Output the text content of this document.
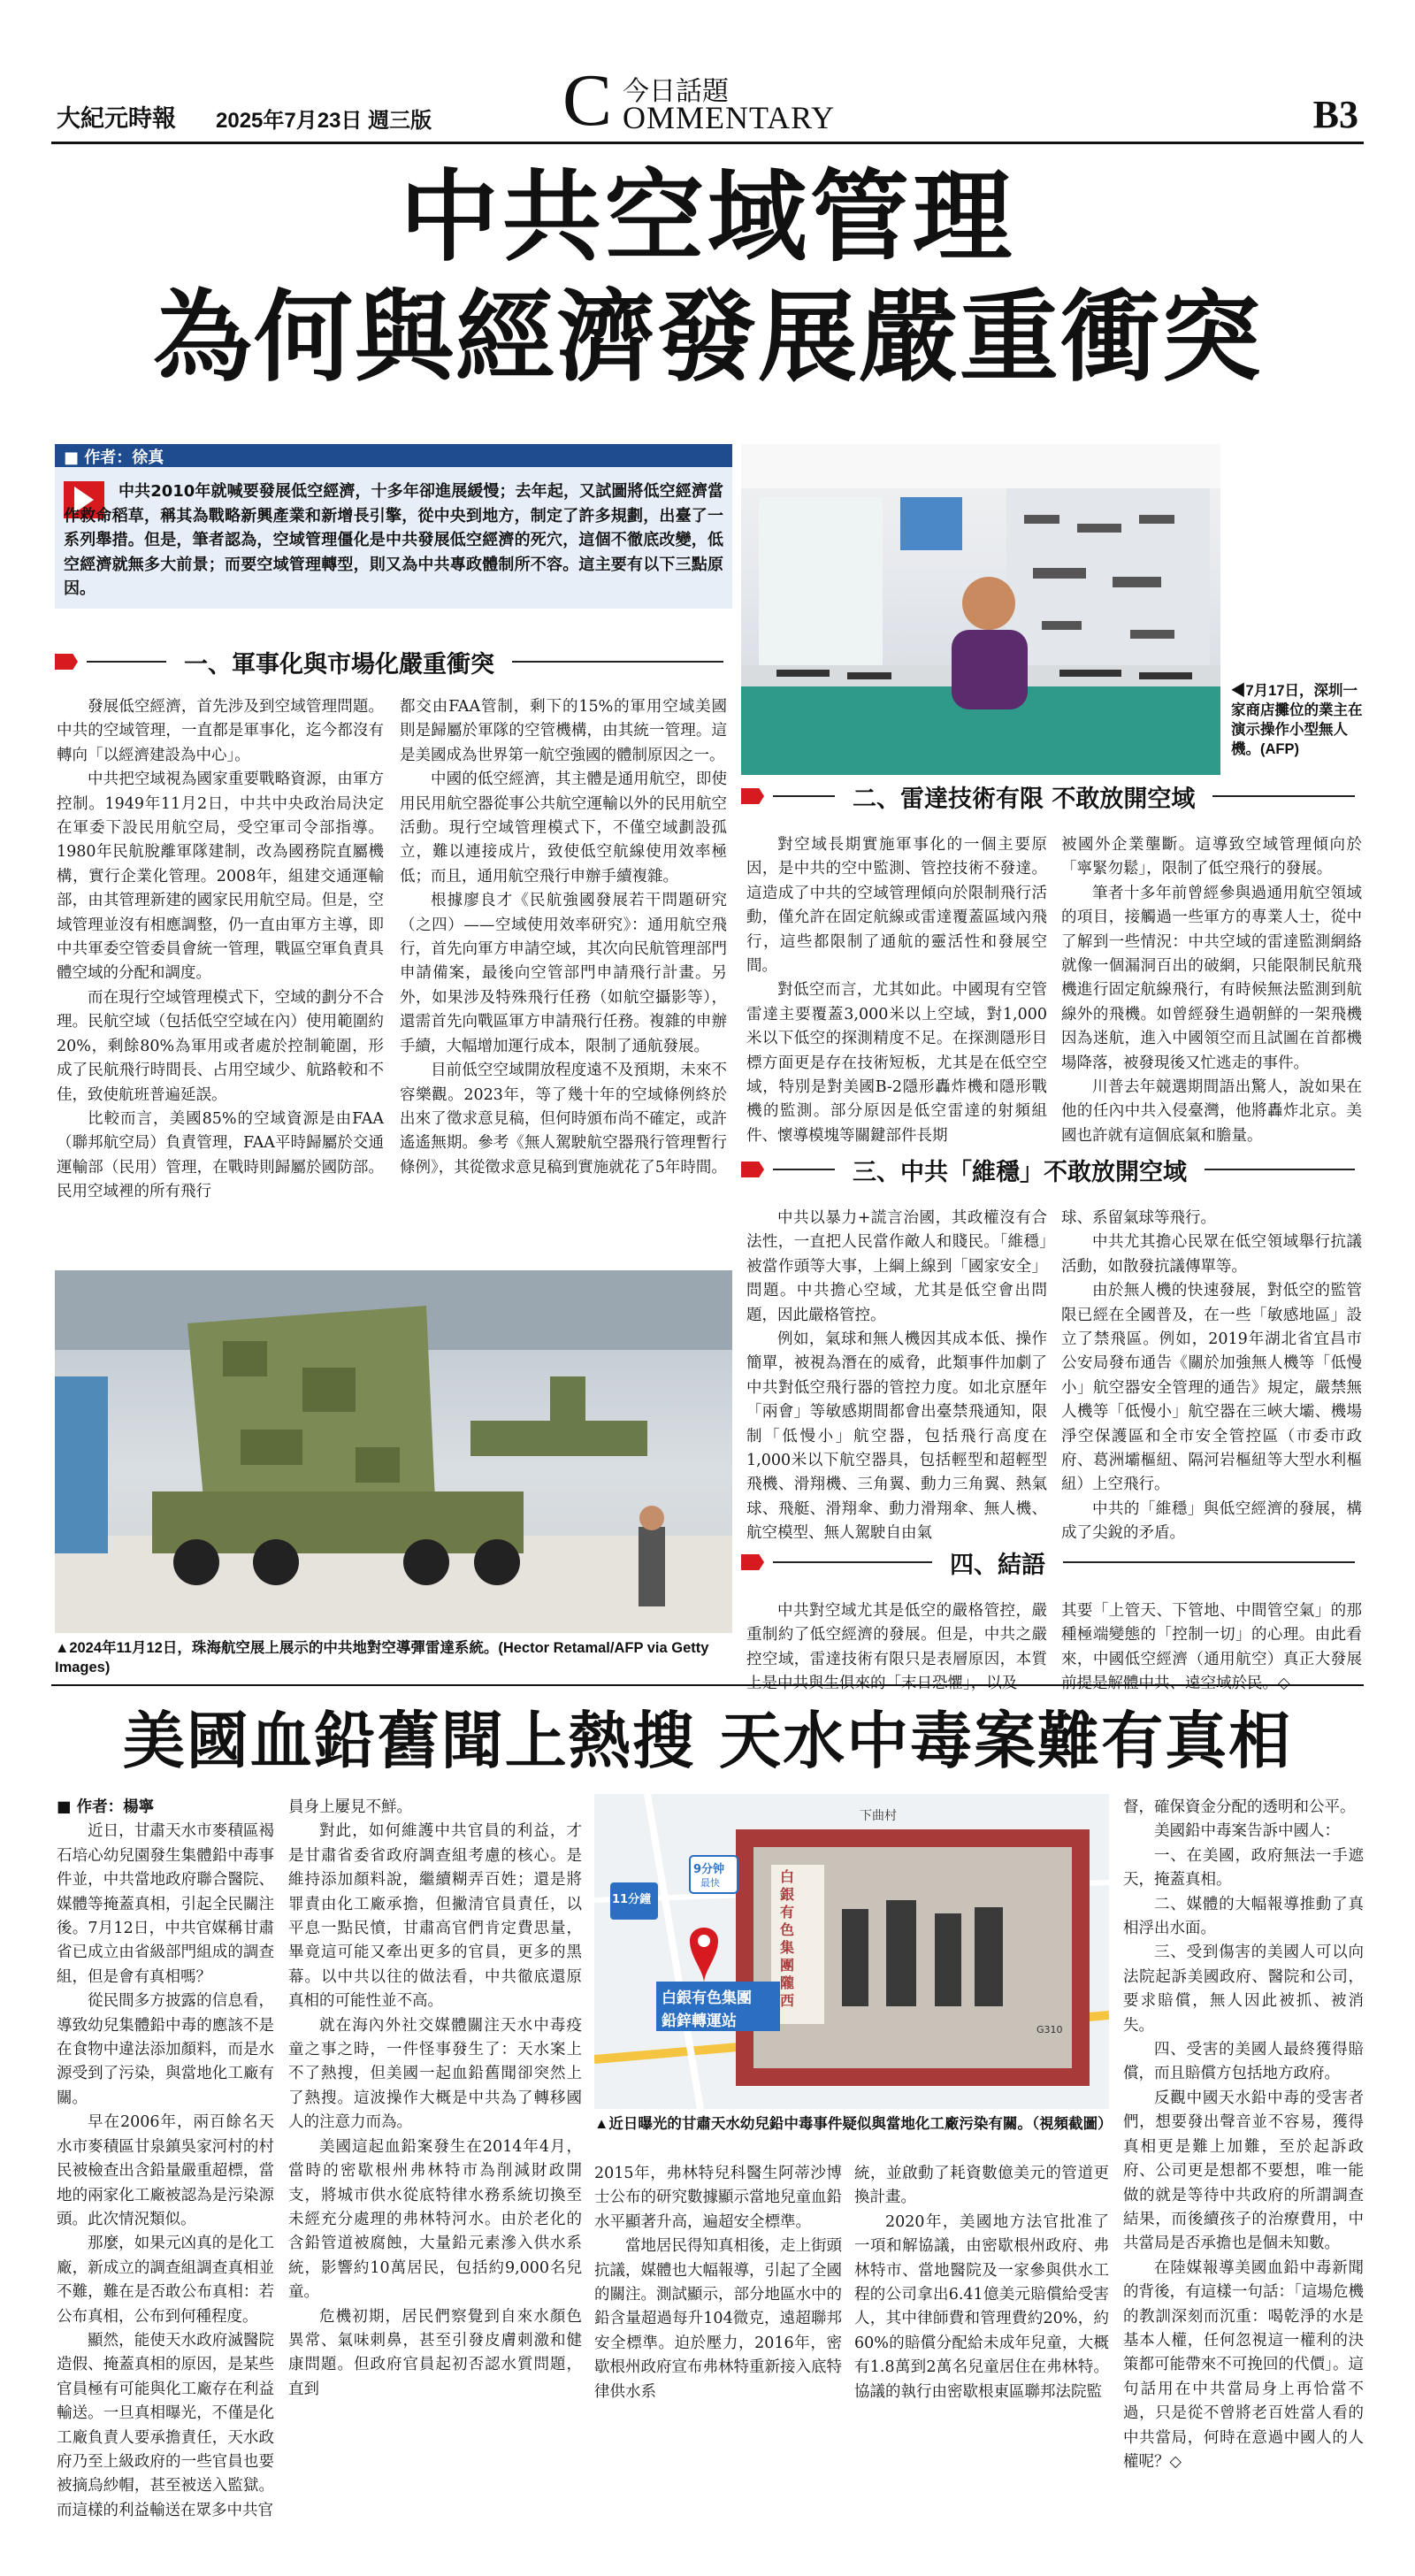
大紀元時報 2025年7月23日 週三版 C 今日話題
OMMENTARY	B3
中共空域管理
為何與經濟發展嚴重衝突
■ 作者：徐真
中共2010年就喊要發展低空經濟，十多年卻進展緩慢；去年起，又試圖將低空經濟當作救命稻草，稱其為戰略新興產業和新增長引擎，從中央到地方，制定了許多規劃，出臺了一系列舉措。但是，筆者認為，空域管理僵化是中共發展低空經濟的死穴，這個不徹底改變，低空經濟就無多大前景；而要空域管理轉型，則又為中共專政體制所不容。這主要有以下三點原因。
◀7月17日，深圳一家商店攤位的業主在演示操作小型無人機。(AFP)
一、軍事化與市場化嚴重衝突

發展低空經濟，首先涉及到空域管理問題。中共的空域管理，一直都是軍事化，迄今都沒有轉向「以經濟建設為中心」。

中共把空域視為國家重要戰略資源，由軍方控制。1949年11月2日，中共中央政治局決定在軍委下設民用航空局，受空軍司令部指導。1980年民航脫離軍隊建制，改為國務院直屬機構，實行企業化管理。2008年，組建交通運輸部，由其管理新建的國家民用航空局。但是，空域管理並沒有相應調整，仍一直由軍方主導，即中共軍委空管委員會統一管理，戰區空軍負責具體空域的分配和調度。

而在現行空域管理模式下，空域的劃分不合理。民航空域（包括低空空域在內）使用範圍約20%，剩餘80%為軍用或者處於控制範圍，形成了民航飛行時間長、占用空域少、航路較和不佳，致使航班普遍延誤。

比較而言，美國85%的空域資源是由FAA（聯邦航空局）負責管理，FAA平時歸屬於交通運輸部（民用）管理，在戰時則歸屬於國防部。民用空域裡的所有飛行

都交由FAA管制，剩下的15%的軍用空域美國則是歸屬於軍隊的空管機構，由其統一管理。這是美國成為世界第一航空強國的體制原因之一。

中國的低空經濟，其主體是通用航空，即使用民用航空器從事公共航空運輸以外的民用航空活動。現行空域管理模式下，不僅空域劃設孤立，難以連接成片，致使低空航線使用效率極低；而且，通用航空飛行申辦手續複雜。

根據廖良才《民航強國發展若干問題研究（之四）——空域使用效率研究》：通用航空飛行，首先向軍方申請空域，其次向民航管理部門申請備案，最後向空管部門申請飛行計畫。另外，如果涉及特殊飛行任務（如航空攝影等），還需首先向戰區軍方申請飛行任務。複雜的申辦手續，大幅增加運行成本，限制了通航發展。

目前低空空域開放程度遠不及預期，未來不容樂觀。2023年，等了幾十年的空域條例終於出來了徵求意見稿，但何時頒布尚不確定，或許遙遙無期。參考《無人駕駛航空器飛行管理暫行條例》，其從徵求意見稿到實施就花了5年時間。

▲2024年11月12日，珠海航空展上展示的中共地對空導彈雷達系統。(Hector Retamal/AFP via Getty Images)
二、雷達技術有限 不敢放開空域

對空域長期實施軍事化的一個主要原因，是中共的空中監測、管控技術不發達。這造成了中共的空域管理傾向於限制飛行活動，僅允許在固定航線或雷達覆蓋區域內飛行，這些都限制了通航的靈活性和發展空間。

對低空而言，尤其如此。中國現有空管雷達主要覆蓋3,000米以上空域，對1,000米以下低空的探測精度不足。在探測隱形目標方面更是存在技術短板，尤其是在低空空域，特別是對美國B-2隱形轟炸機和隱形戰機的監測。部分原因是低空雷達的射頻組件、懷導模塊等關鍵部件長期

被國外企業壟斷。這導致空域管理傾向於「寧緊勿鬆」，限制了低空飛行的發展。

筆者十多年前曾經參與過通用航空領域的項目，接觸過一些軍方的專業人士，從中了解到一些情況：中共空域的雷達監測網絡就像一個漏洞百出的破網，只能限制民航飛機進行固定航線飛行，有時候無法監測到航線外的飛機。如曾經發生過朝鮮的一架飛機因為迷航，進入中國領空而且試圖在首都機場降落，被發現後又忙逃走的事件。

川普去年競選期間語出驚人，說如果在他的任內中共入侵臺灣，他將轟炸北京。美國也許就有這個底氣和膽量。

三、中共「維穩」不敢放開空域

中共以暴力+謊言治國，其政權沒有合法性，一直把人民當作敵人和賤民。「維穩」被當作頭等大事，上綱上線到「國家安全」問題。中共擔心空域，尤其是低空會出問題，因此嚴格管控。

例如，氣球和無人機因其成本低、操作簡單，被視為潛在的威脅，此類事件加劇了中共對低空飛行器的管控力度。如北京歷年「兩會」等敏感期間都會出臺禁飛通知，限制「低慢小」航空器，包括飛行高度在1,000米以下航空器具，包括輕型和超輕型飛機、滑翔機、三角翼、動力三角翼、熱氣球、飛艇、滑翔傘、動力滑翔傘、無人機、航空模型、無人駕駛自由氣

球、系留氣球等飛行。

中共尤其擔心民眾在低空領域舉行抗議活動，如散發抗議傳單等。

由於無人機的快速發展，對低空的監管限已經在全國普及，在一些「敏感地區」設立了禁飛區。例如，2019年湖北省宜昌市公安局發布通告《關於加強無人機等「低慢小」航空器安全管理的通告》規定，嚴禁無人機等「低慢小」航空器在三峽大壩、機場淨空保護區和全市安全管控區（市委市政府、葛洲壩樞紐、隔河岩樞紐等大型水利樞紐）上空飛行。

中共的「維穩」與低空經濟的發展，構成了尖銳的矛盾。

四、結語

中共對空域尤其是低空的嚴格管控，嚴重制約了低空經濟的發展。但是，中共之嚴控空域，雷達技術有限只是表層原因，本質

其要「上管天、下管地、中間管空氣」的那種極端變態的「控制一切」的心理。由此看來，中國低空經濟（通用航空）真正大發展

美國血鉛舊聞上熱搜 天水中毒案難有真相
■ 作者：楊寧

近日，甘肅天水市麥積區褐石培心幼兒園發生集體鉛中毒事件並，中共當地政府聯合醫院、媒體等掩蓋真相，引起全民關注後。7月12日，中共官媒稱甘肅省已成立由省級部門組成的調查組，但是會有真相嗎？

從民間多方披露的信息看，導致幼兒集體鉛中毒的應該不是在食物中違法添加顏料，而是水源受到了污染，與當地化工廠有關。

早在2006年，兩百餘名天水市麥積區甘泉鎮吳家河村的村民被檢查出含鉛量嚴重超標，當地的兩家化工廠被認為是污染源頭。此次情況類似。

那麼，如果元凶真的是化工廠，新成立的調查組調查真相並不難，難在是否敢公布真相：若公布真相，公布到何種程度。

顯然，能使天水政府滅醫院造假、掩蓋真相的原因，是某些官員極有可能與化工廠存在利益輸送。一旦真相曝光，不僅是化工廠負責人要承擔責任，天水政府乃至上級政府的一些官員也要被摘烏紗帽，甚至被送入監獄。而這樣的利益輸送在眾多中共官

員身上屢見不鮮。

對此，如何維護中共官員的利益，才是甘肅省委省政府調查組考慮的核心。是維持添加顏料說，繼續糊弄百姓；還是將罪責由化工廠承擔，但撇清官員責任，以平息一點民憤，甘肅高官們肯定費思量，畢竟這可能又牽出更多的官員，更多的黑幕。以中共以往的做法看，中共徹底還原真相的可能性並不高。

就在海內外社交媒體關注天水中毒疫童之事之時，一件怪事發生了：天水案上不了熱搜，但美國一起血鉛舊聞卻突然上了熱搜。這波操作大概是中共為了轉移國人的注意力而為。

美國這起血鉛案發生在2014年4月，當時的密歇根州弗林特市為削減財政開支，將城市供水從底特律水務系統切換至未經充分處理的弗林特河水。由於老化的含鉛管道被腐蝕，大量鉛元素滲入供水系統，影響約10萬居民，包括約9,000名兒童。

危機初期，居民們察覺到自來水顏色異常、氣味刺鼻，甚至引發皮膚刺激和健康問題。但政府官員起初否認水質問題，直到

11分鐘
9分钟
最快
下曲村
白銀有色集團
鉛鋅轉運站	G310
白銀有色集團隴西
▲近日曝光的甘肅天水幼兒鉛中毒事件疑似與當地化工廠污染有關。（視頻截圖）

2015年，弗林特兒科醫生阿蒂沙博士公布的研究數據顯示當地兒童血鉛水平顯著升高，遍超安全標準。

當地居民得知真相後，走上街頭抗議，媒體也大幅報導，引起了全國的關注。測試顯示，部分地區水中的鉛含量超過每升104微克，遠超聯邦安全標準。迫於壓力，2016年，密歇根州政府宣布弗林特重新接入底特律供水系

統，並啟動了耗資數億美元的管道更換計畫。

2020年，美國地方法官批准了一項和解協議，由密歇根州政府、弗林特市、當地醫院及一家參與供水工程的公司拿出6.41億美元賠償給受害人，其中律師費和管理費約20%，約60%的賠償分配給未成年兒童，大概有1.8萬到2萬名兒童居住在弗林特。協議的執行由密歇根東區聯邦法院監

督，確保資金分配的透明和公平。

美國鉛中毒案告訴中國人：

一、在美國，政府無法一手遮天，掩蓋真相。

二、媒體的大幅報導推動了真相浮出水面。

三、受到傷害的美國人可以向法院起訴美國政府、醫院和公司，要求賠償，無人因此被抓、被消失。

四、受害的美國人最終獲得賠償，而且賠償方包括地方政府。

反觀中國天水鉛中毒的受害者們，想要發出聲音並不容易，獲得真相更是難上加難，至於起訴政府、公司更是想都不要想，唯一能做的就是等待中共政府的所謂調查結果，而後續孩子的治療費用，中共當局是否承擔也是個未知數。

在陸媒報導美國血鉛中毒新聞的背後，有這樣一句話：「這場危機的教訓深刻而沉重：喝乾淨的水是基本人權，任何忽視這一權利的決策都可能帶來不可挽回的代價」。這句話用在中共當局身上再恰當不過，只是從不曾將老百姓當人看的中共當局，何時在意過中國人的人權呢？◇
